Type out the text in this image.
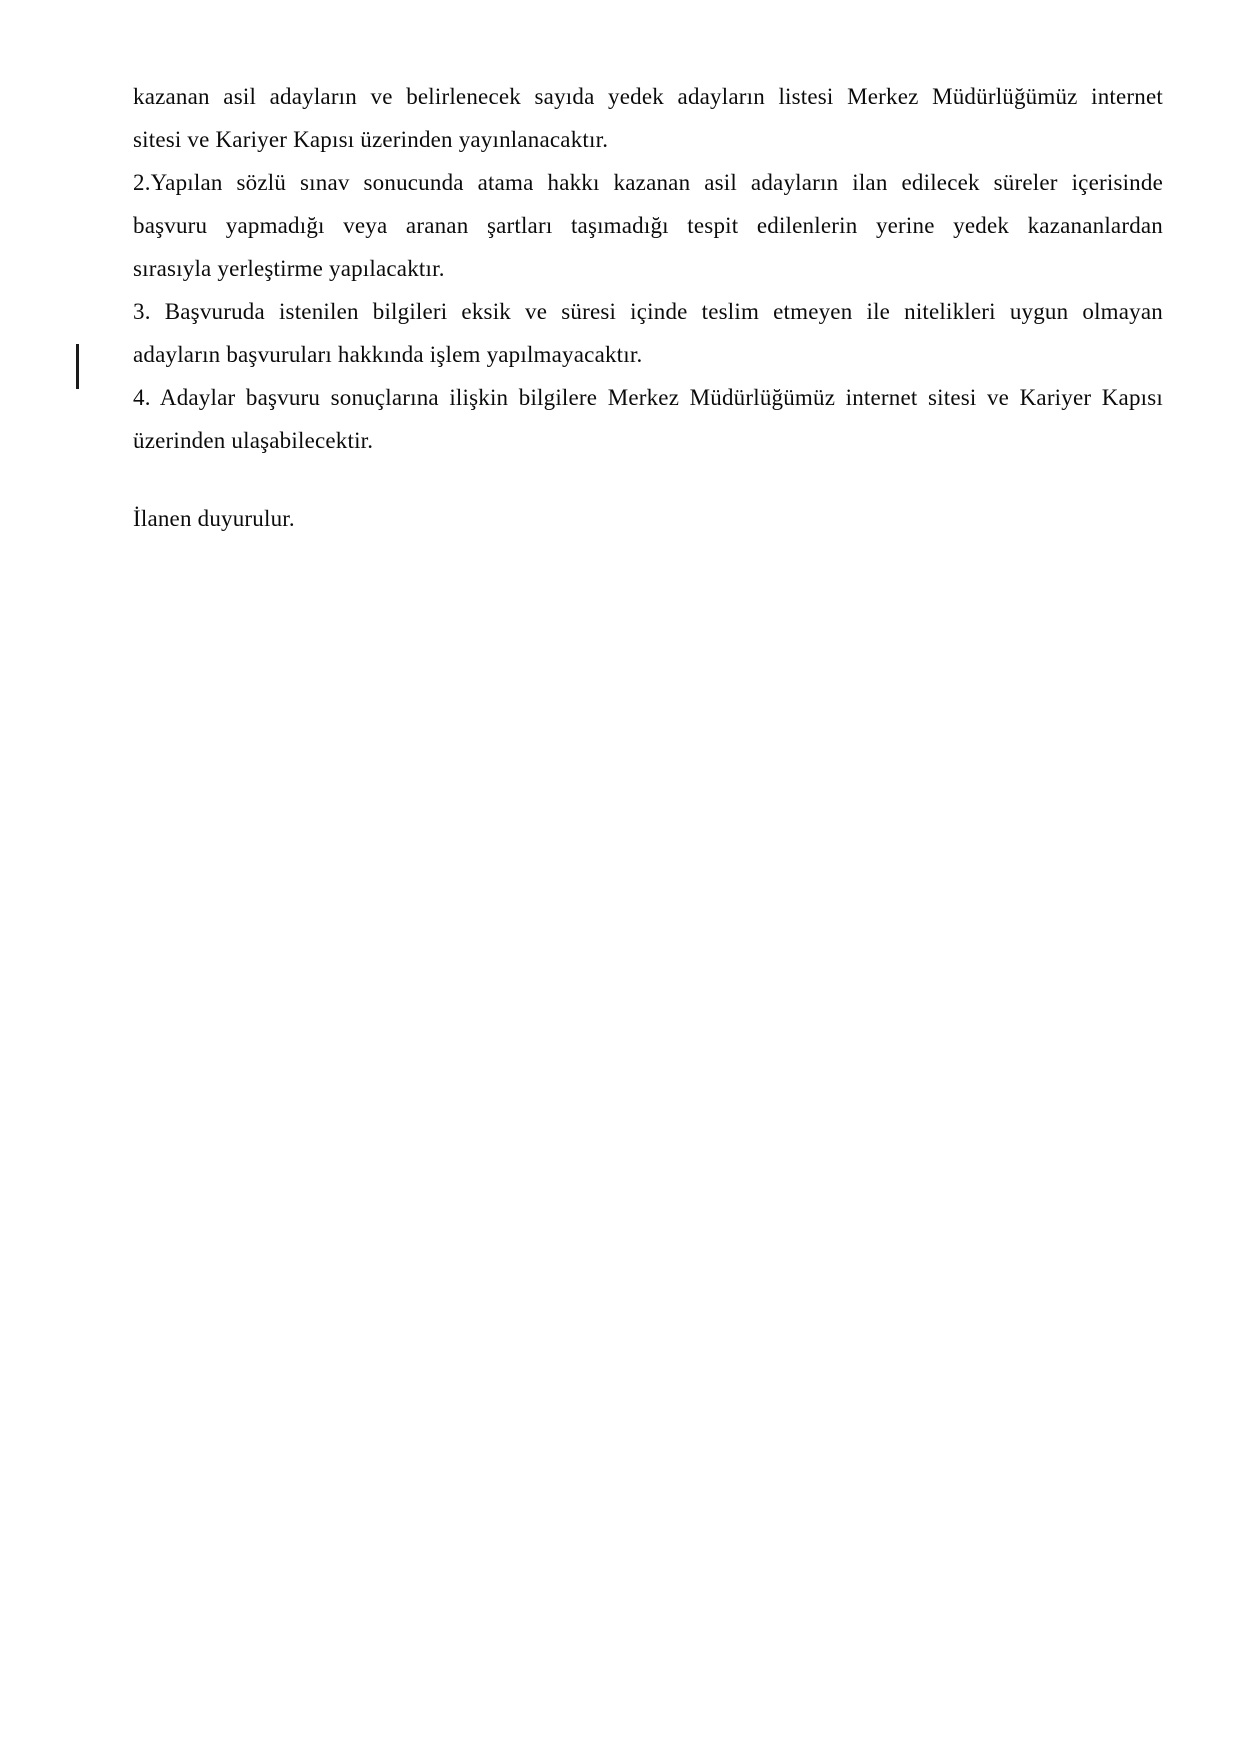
kazanan asil adayların ve belirlenecek sayıda yedek adayların listesi Merkez Müdürlüğümüz internet
sitesi ve Kariyer Kapısı üzerinden yayınlanacaktır.
2.Yapılan sözlü sınav sonucunda atama hakkı kazanan asil adayların ilan edilecek süreler içerisinde
başvuru yapmadığı veya aranan şartları taşımadığı tespit edilenlerin yerine yedek kazananlardan
sırasıyla yerleştirme yapılacaktır.
3. Başvuruda istenilen bilgileri eksik ve süresi içinde teslim etmeyen ile nitelikleri uygun olmayan
adayların başvuruları hakkında işlem yapılmayacaktır.
4. Adaylar başvuru sonuçlarına ilişkin bilgilere Merkez Müdürlüğümüz internet sitesi ve Kariyer Kapısı
üzerinden ulaşabilecektir.
İlanen duyurulur.
